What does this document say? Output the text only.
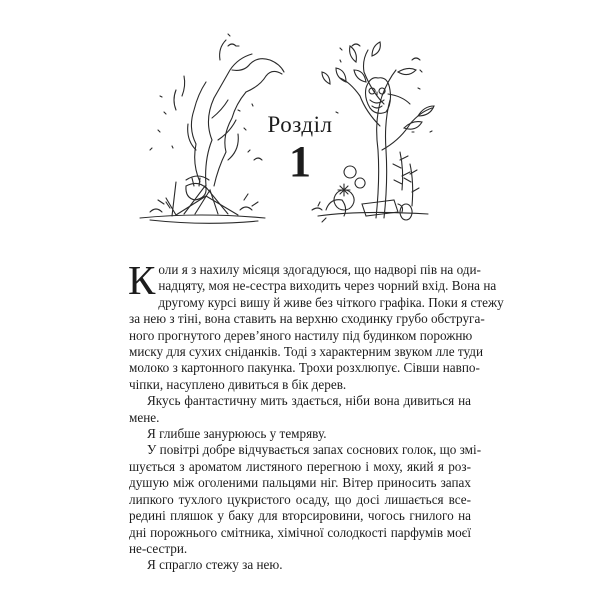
Розділ
1

К оли я з нахилу місяця здогадуюся, що надворі пів на оди-
надцяту, моя не-сестра виходить через чорний вхід. Вона на
другому курсі вишу й живе без чіткого графіка. Поки я стежу
за нею з тіні, вона ставить на верхню сходинку грубо обструга-
ного прогнутого дерев’яного настилу під будинком порожню
миску для сухих сніданків. Тоді з характерним звуком лле туди
молоко з картонного пакунка. Трохи розхлюпує. Сівши навпо-
чіпки, насуплено дивиться в бік дерев.

Якусь фантастичну мить здається, ніби вона дивиться на
мене.

Я глибше занурююсь у темряву.

У повітрі добре відчувається запах соснових голок, що змі-
шується з ароматом листяного перегною і моху, який я роз-
душую між оголеними пальцями ніг. Вітер приносить запах
липкого тухлого цукристого осаду, що досі лишається все-
редині пляшок у баку для вторсировини, чогось гнилого на
дні порожнього смітника, хімічної солодкості парфумів моєї
не-сестри.

Я спрагло стежу за нею.
